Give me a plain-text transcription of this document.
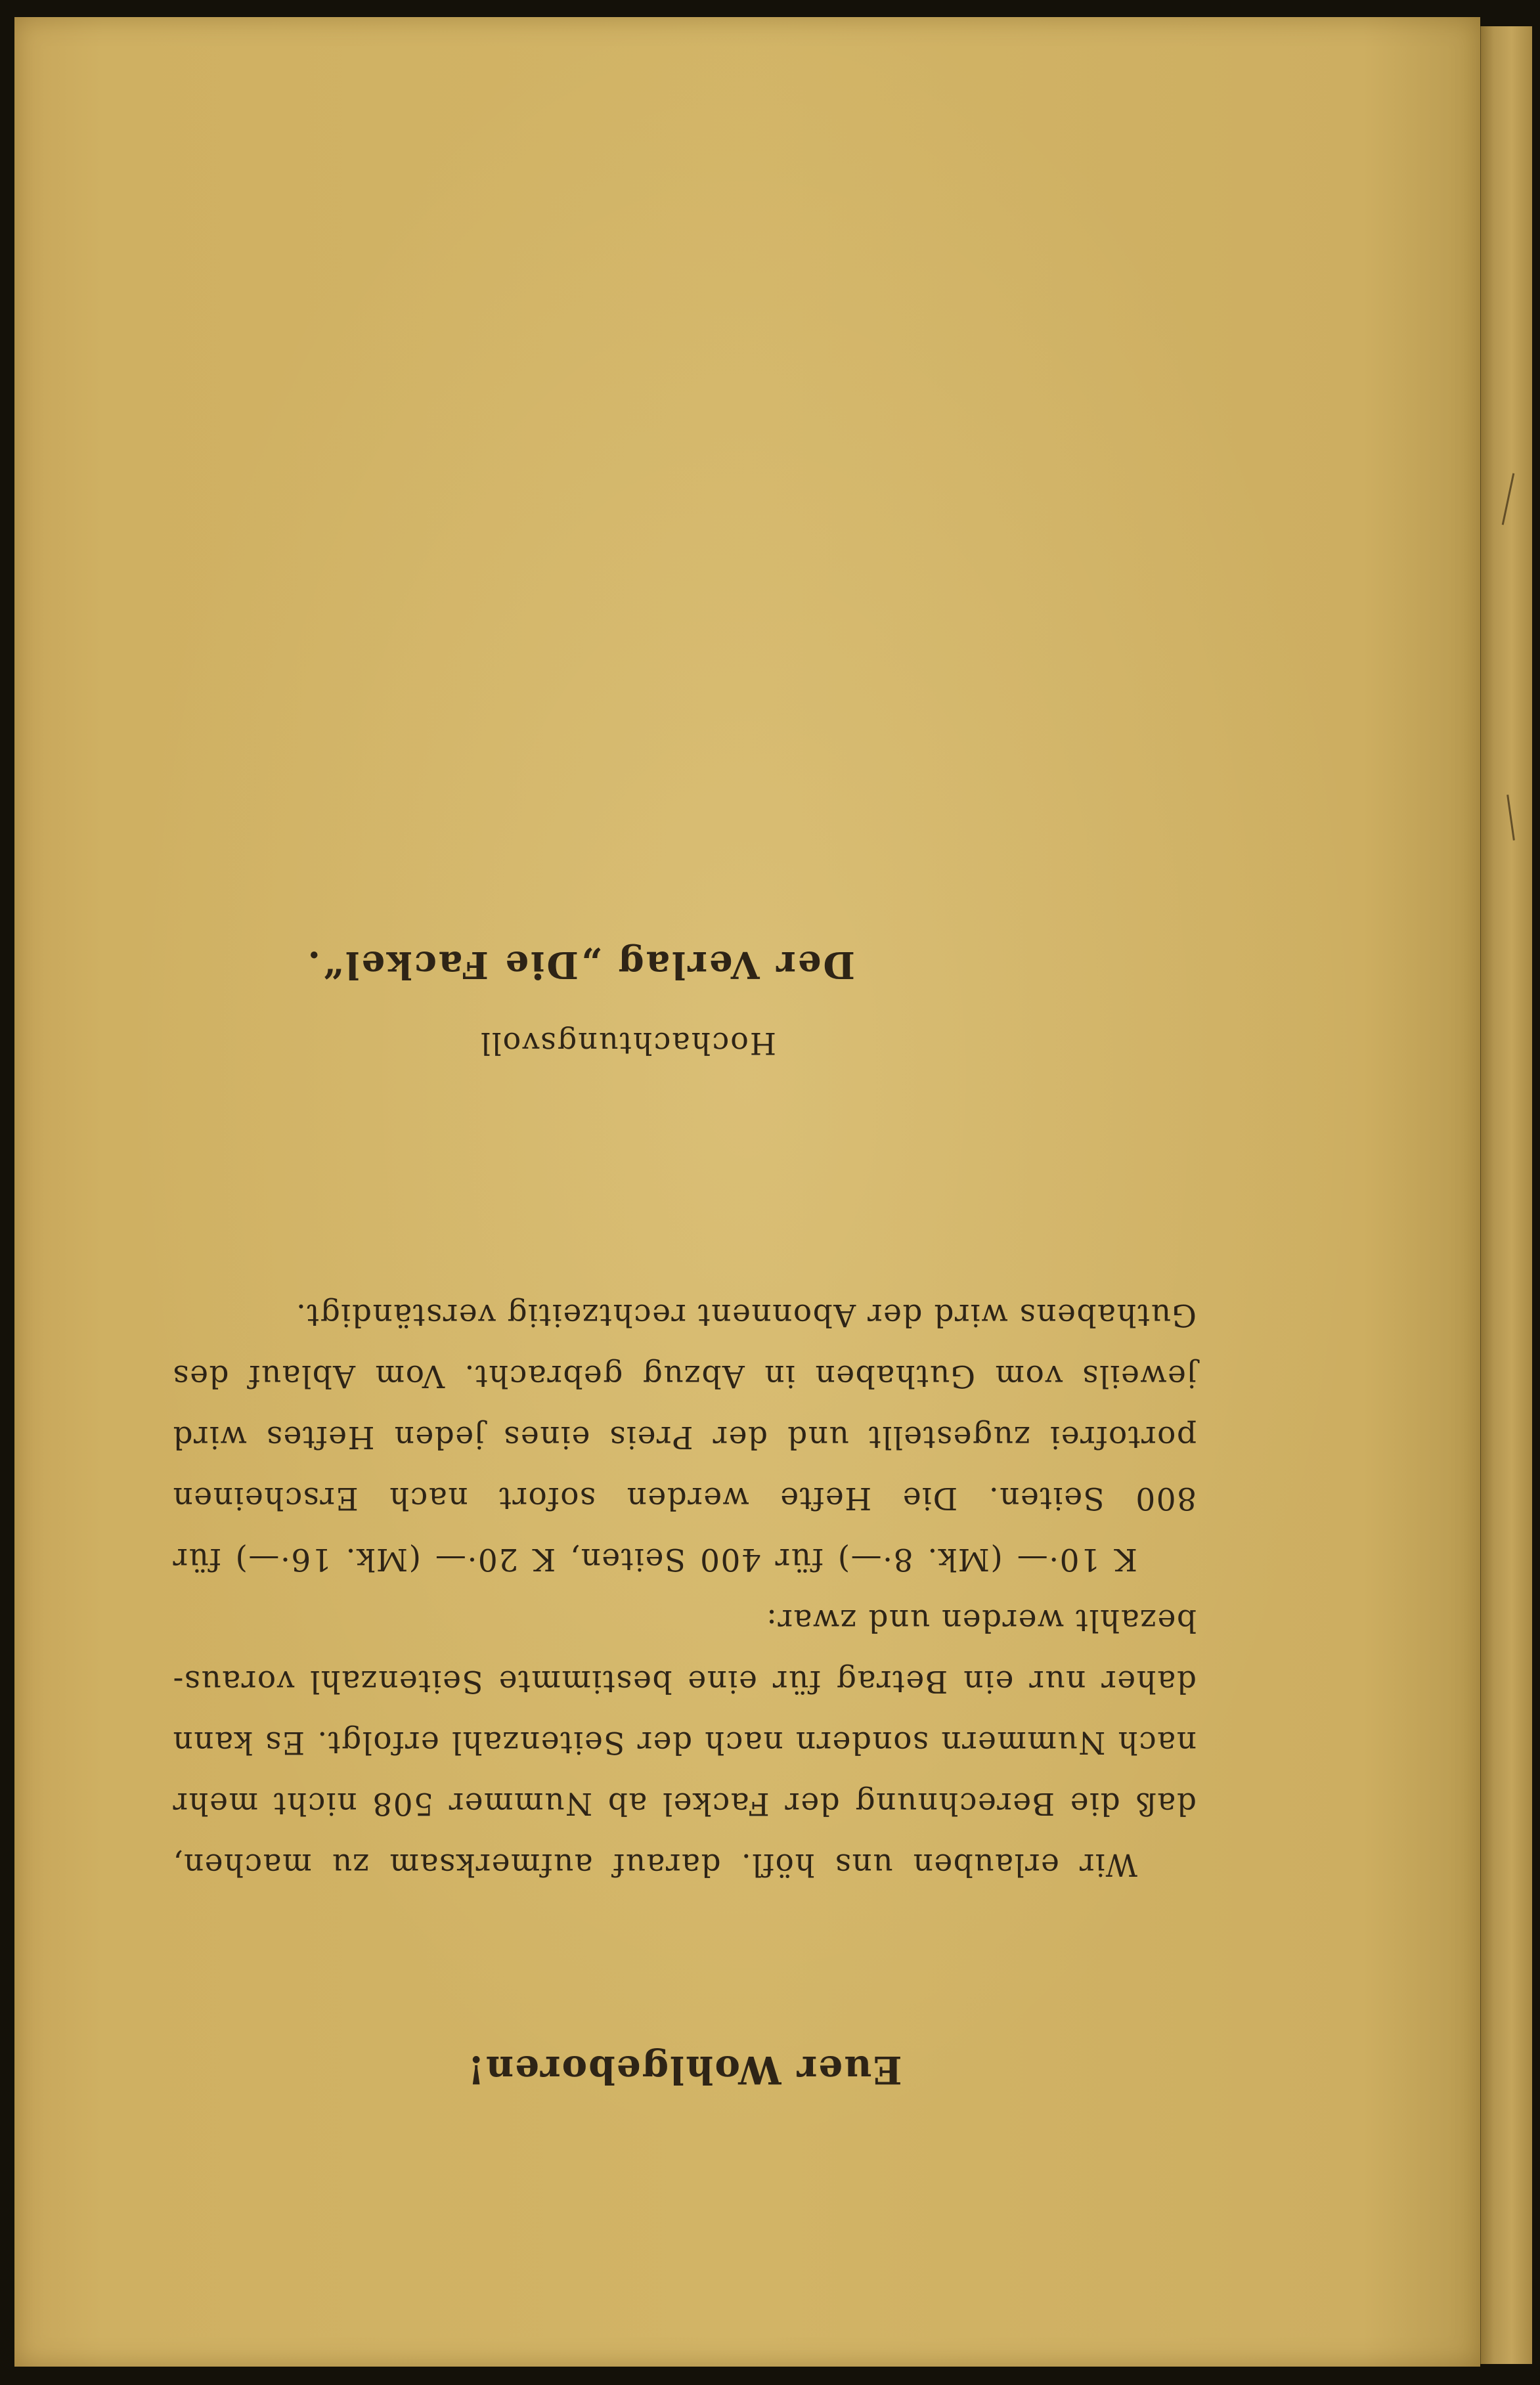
Euer Wohlgeboren!

Wir erlauben uns höfl. darauf aufmerksam zu machen, daß die Berechnung der Fackel ab Nummer 508 nicht mehr nach Nummern sondern nach der Seitenzahl erfolgt. Es kann daher nur ein Betrag für eine bestimmte Seitenzahl voraus-bezahlt werden und zwar:

K 10·— (Mk. 8·—) für 400 Seiten, K 20·— (Mk. 16·—) für 800 Seiten. Die Hefte werden sofort nach Erscheinen portofrei zugestellt und der Preis eines jeden Heftes wird jeweils vom Guthaben in Abzug gebracht. Vom Ablauf des Guthabens wird der Abonnent rechtzeitig verständigt.

Hochachtungsvoll
Der Verlag „Die Fackel“.
